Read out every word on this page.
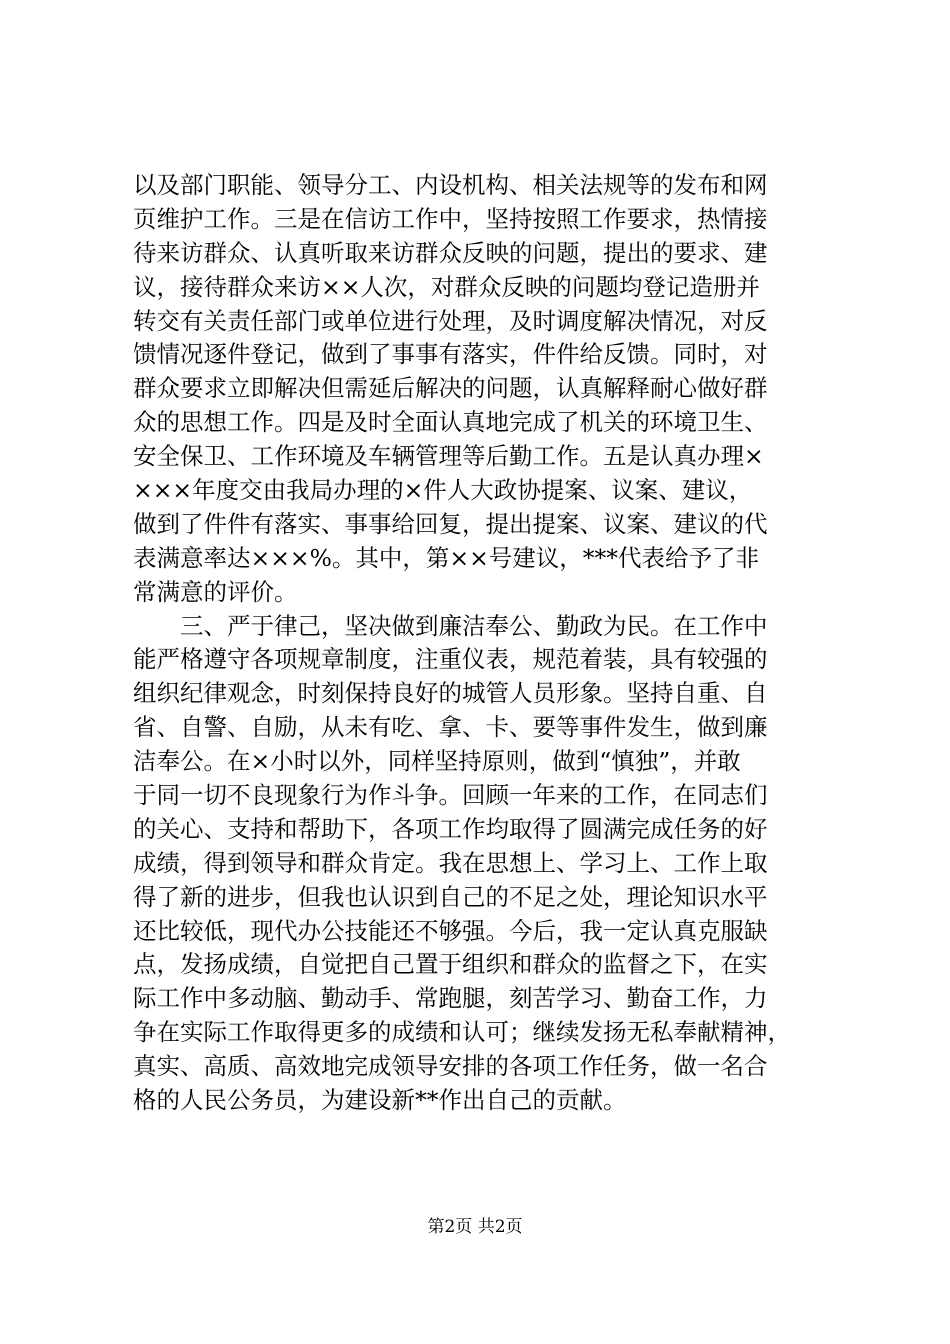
以及部门职能、领导分工、内设机构、相关法规等的发布和网
页维护工作。三是在信访工作中，坚持按照工作要求，热情接
待来访群众、认真听取来访群众反映的问题，提出的要求、建
议，接待群众来访××人次，对群众反映的问题均登记造册并
转交有关责任部门或单位进行处理，及时调度解决情况，对反
馈情况逐件登记，做到了事事有落实，件件给反馈。同时，对
群众要求立即解决但需延后解决的问题，认真解释耐心做好群
众的思想工作。四是及时全面认真地完成了机关的环境卫生、
安全保卫、工作环境及车辆管理等后勤工作。五是认真办理×
×××年度交由我局办理的×件人大政协提案、议案、建议，
做到了件件有落实、事事给回复，提出提案、议案、建议的代
表满意率达×××%。其中，第××号建议，***代表给予了非
常满意的评价。
　　三、严于律己，坚决做到廉洁奉公、勤政为民。在工作中
能严格遵守各项规章制度，注重仪表，规范着装，具有较强的
组织纪律观念，时刻保持良好的城管人员形象。坚持自重、自
省、自警、自励，从未有吃、拿、卡、要等事件发生，做到廉
洁奉公。在×小时以外，同样坚持原则，做到“慎独”，并敢
于同一切不良现象行为作斗争。回顾一年来的工作，在同志们
的关心、支持和帮助下，各项工作均取得了圆满完成任务的好
成绩，得到领导和群众肯定。我在思想上、学习上、工作上取
得了新的进步，但我也认识到自己的不足之处，理论知识水平
还比较低，现代办公技能还不够强。今后，我一定认真克服缺
点，发扬成绩，自觉把自己置于组织和群众的监督之下，在实
际工作中多动脑、勤动手、常跑腿，刻苦学习、勤奋工作，力
争在实际工作取得更多的成绩和认可；继续发扬无私奉献精神，
真实、高质、高效地完成领导安排的各项工作任务，做一名合
格的人民公务员，为建设新**作出自己的贡献。
第2页 共2页
